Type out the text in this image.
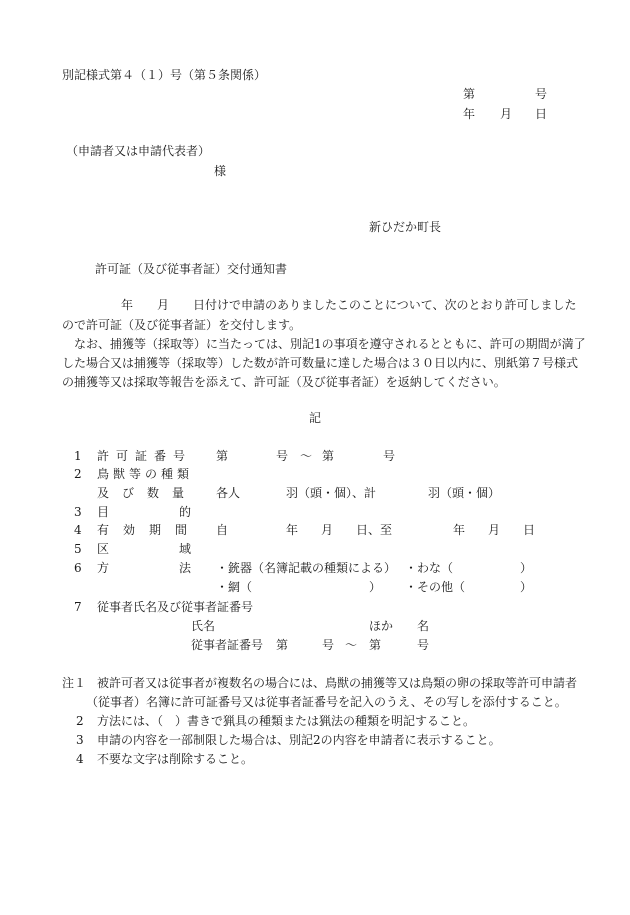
別記様式第４（１）号（第５条関係）
第	号
年 月 日
（申請者又は申請代表者）
様
新ひだか町長
許可証（及び従事者証）交付通知書
年 月 日付けで申請のありましたこのことについて、次のとおり許可しました
ので許可証（及び従事者証）を交付します。
なお、捕獲等（採取等）に当たっては、別記1の事項を遵守されるとともに、許可の期間が満了
した場合又は捕獲等（採取等）した数が許可数量に達した場合は３０日以内に、別紙第７号様式
の捕獲等又は採取等報告を添えて、許可証（及び従事者証）を返納してください。
記
1 許可証番号 第	号 ～ 第	号
2 鳥獣等の種類
及び数量 各人	羽（頭・個）、計	羽（頭・個）
3 目的
4 有効期間 自	年 月 日、至	年 月 日
5 区域
6 方法
・銃器（名簿記載の種類による） ・わな（	）
・網（	） ・その他（	）
7 従事者氏名及び従事者証番号
氏名	ほか 名
従事者証番号 第	号 ～ 第	号
注１ 被許可者又は従事者が複数名の場合には、鳥獣の捕獲等又は鳥類の卵の採取等許可申請者
（従事者）名簿に許可証番号又は従事者証番号を記入のうえ、その写しを添付すること。
2 方法には、（　）書きで猟具の種類または猟法の種類を明記すること。
3 申請の内容を一部制限した場合は、別記2の内容を申請者に表示すること。
4 不要な文字は削除すること。
